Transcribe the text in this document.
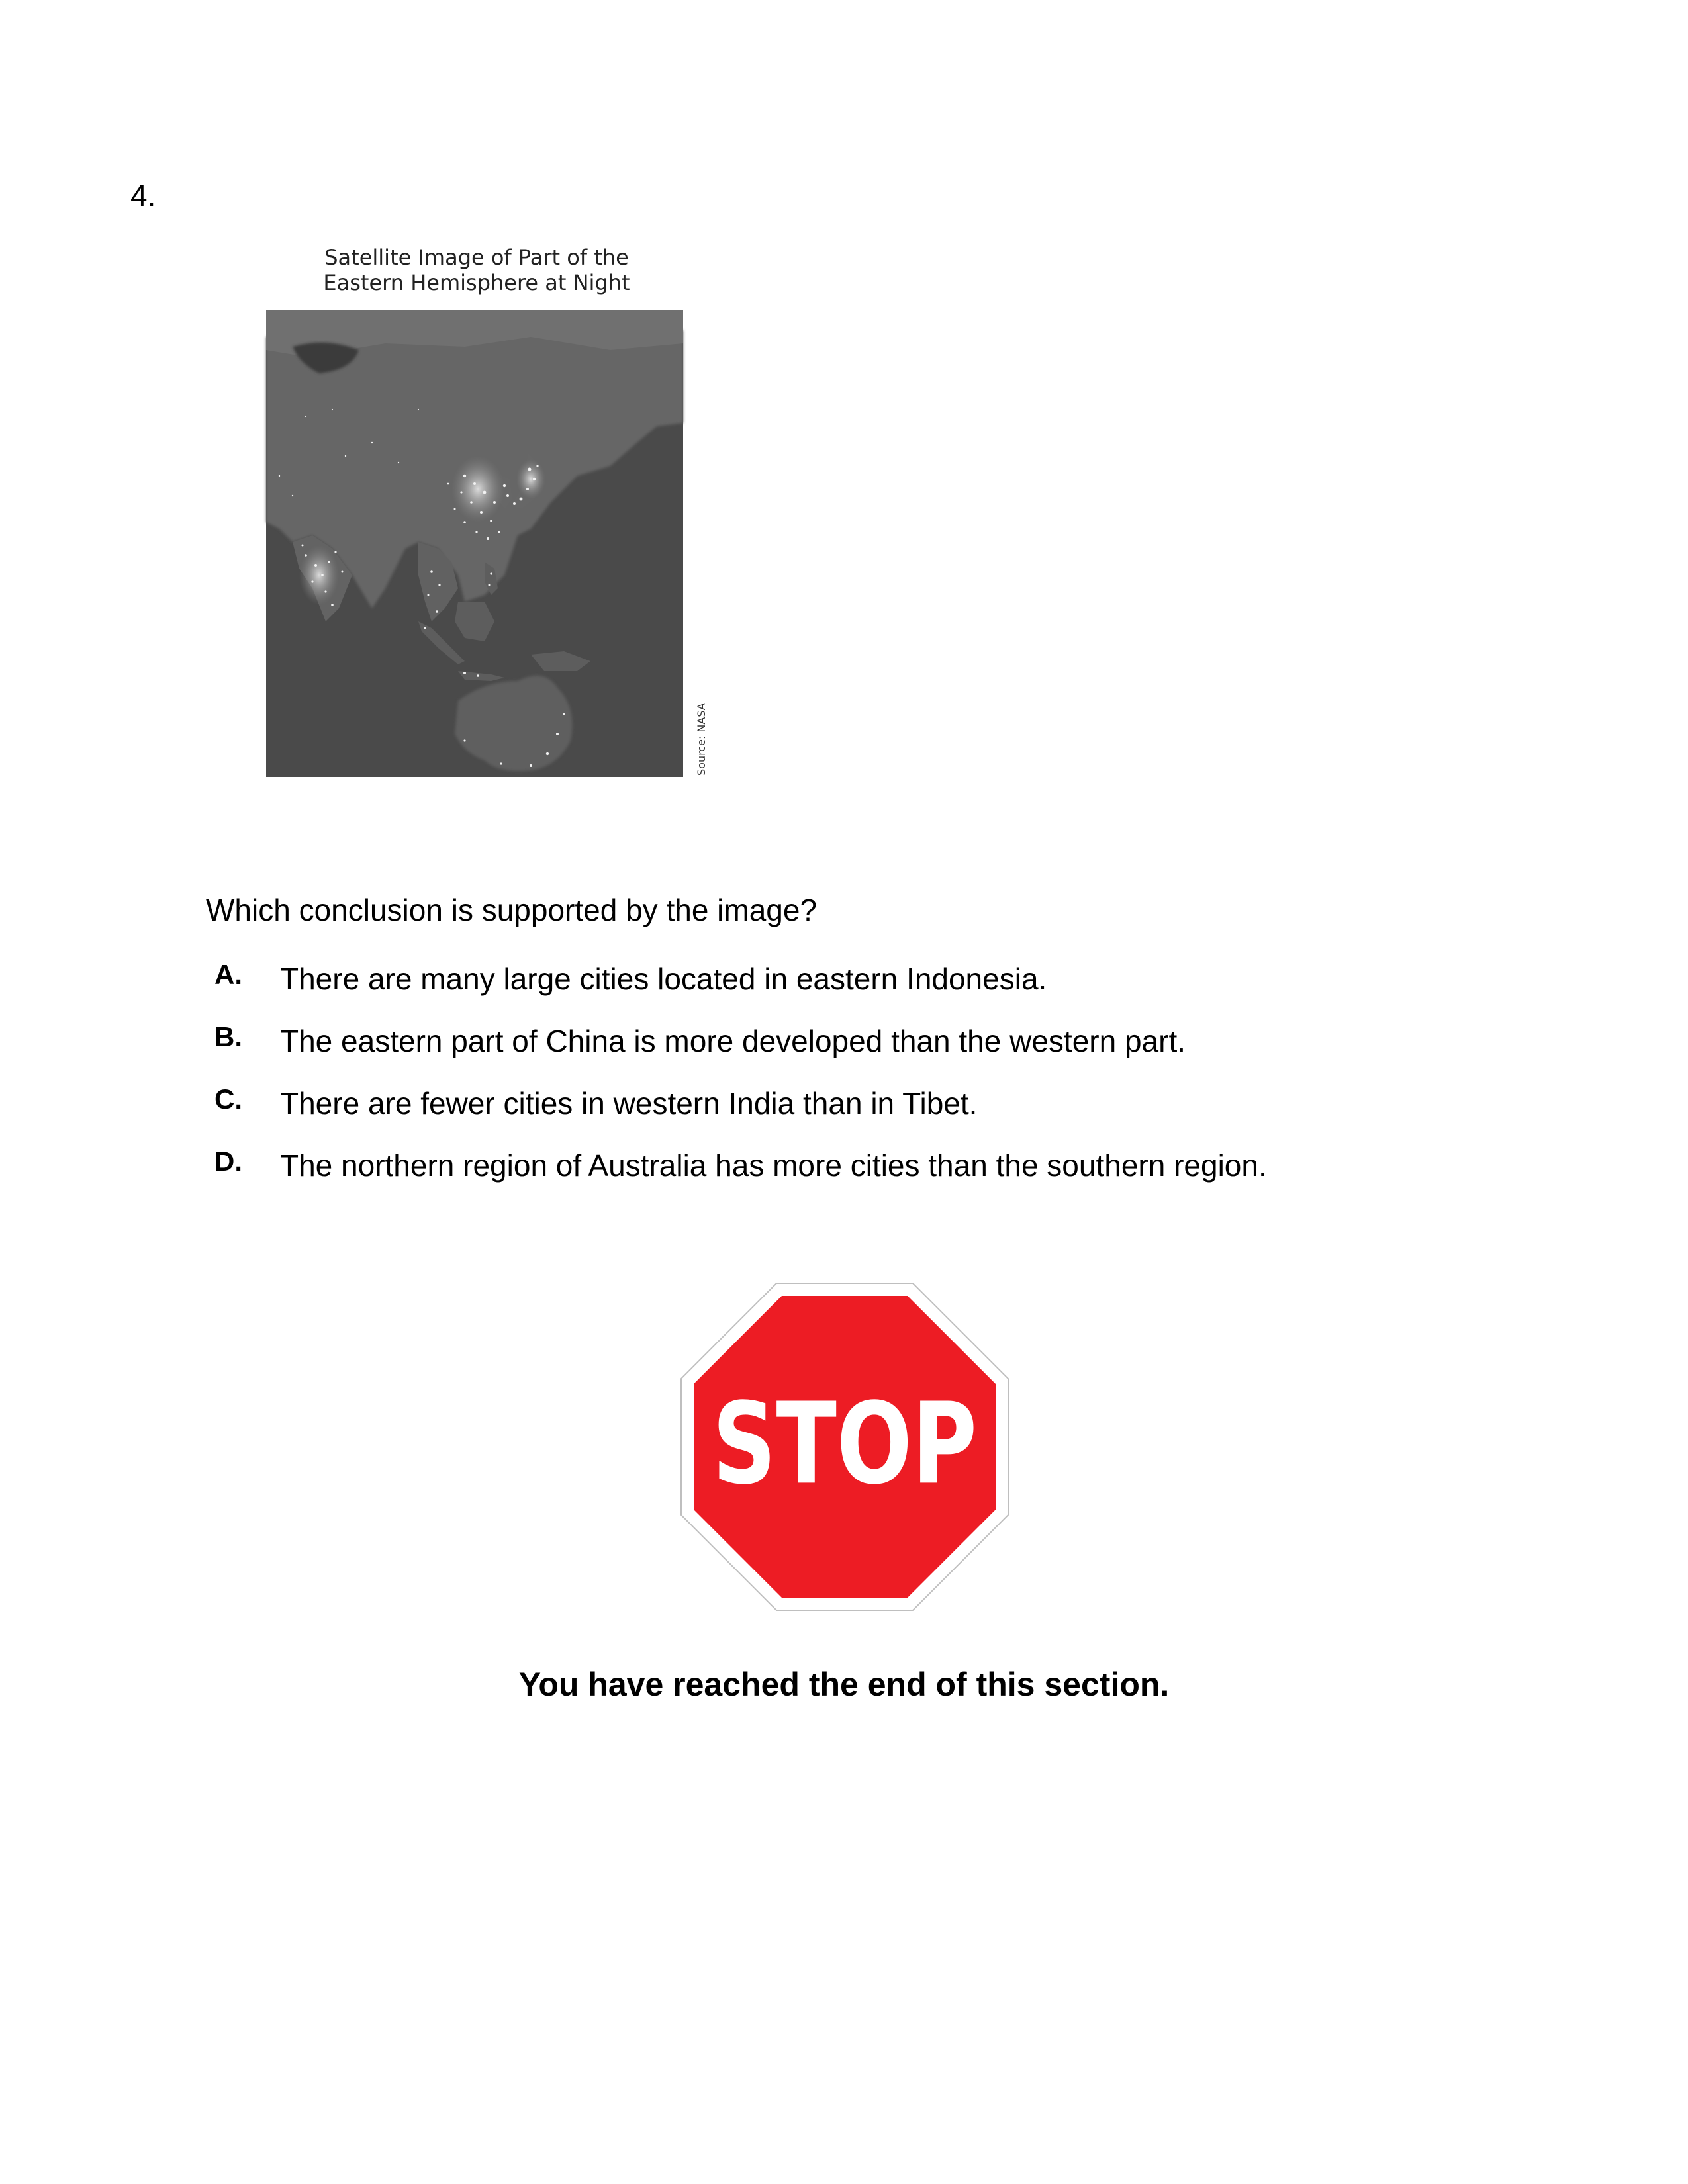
4.
Satellite Image of Part of the
Eastern Hemisphere at Night
Source: NASA
Which conclusion is supported by the image?
A. There are many large cities located in eastern Indonesia.
B. The eastern part of China is more developed than the western part.
C. There are fewer cities in western India than in Tibet.
D. The northern region of Australia has more cities than the southern region.
STOP
You have reached the end of this section.
